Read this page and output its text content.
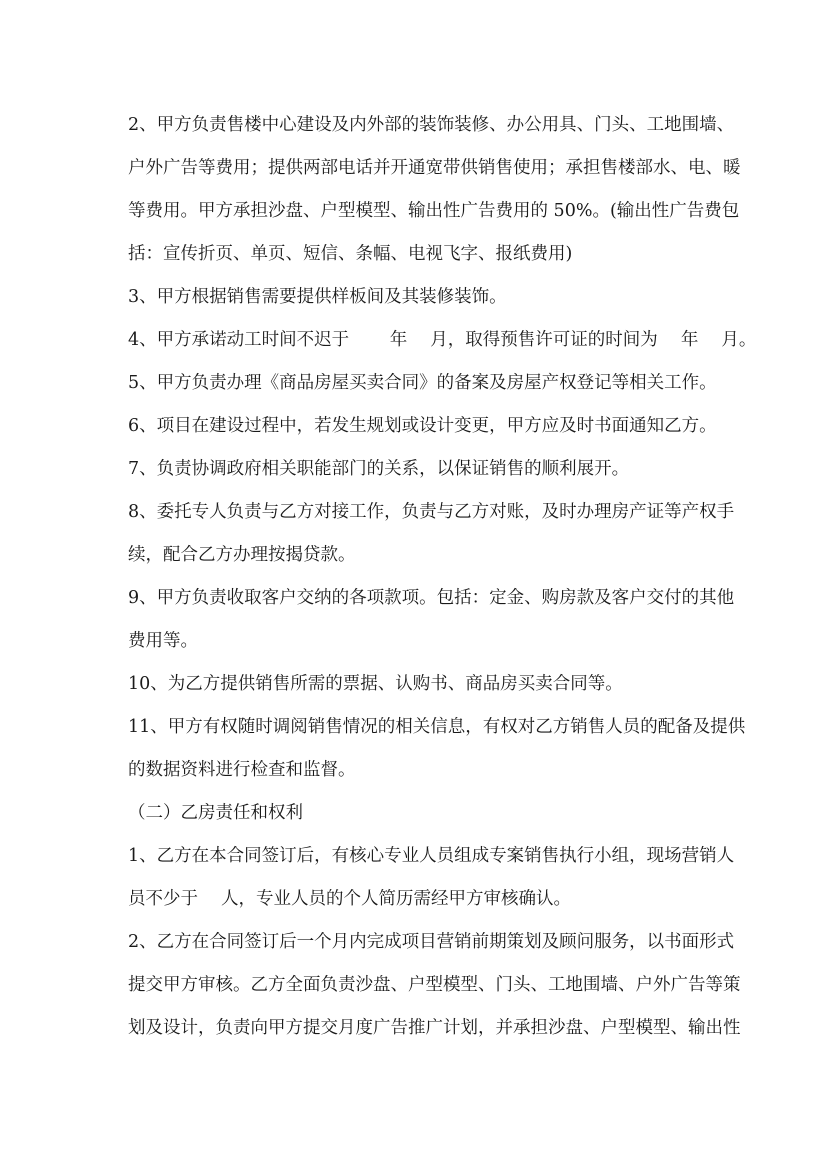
2、甲方负责售楼中心建设及内外部的装饰装修、办公用具、门头、工地围墙、
户外广告等费用；提供两部电话并开通宽带供销售使用；承担售楼部水、电、暖
等费用。甲方承担沙盘、户型模型、输出性广告费用的 50%。(输出性广告费包
括：宣传折页、单页、短信、条幅、电视飞字、报纸费用)
3、甲方根据销售需要提供样板间及其装修装饰。
4、甲方承诺动工时间不迟于　　 年　 月，取得预售许可证的时间为　 年　 月。
5、甲方负责办理《商品房屋买卖合同》的备案及房屋产权登记等相关工作。
6、项目在建设过程中，若发生规划或设计变更，甲方应及时书面通知乙方。
7、负责协调政府相关职能部门的关系，以保证销售的顺利展开。
8、委托专人负责与乙方对接工作，负责与乙方对账，及时办理房产证等产权手
续，配合乙方办理按揭贷款。
9、甲方负责收取客户交纳的各项款项。包括：定金、购房款及客户交付的其他
费用等。
10、为乙方提供销售所需的票据、认购书、商品房买卖合同等。
11、甲方有权随时调阅销售情况的相关信息，有权对乙方销售人员的配备及提供
的数据资料进行检查和监督。
（二）乙房责任和权利
1、乙方在本合同签订后，有核心专业人员组成专案销售执行小组，现场营销人
员不少于　 人，专业人员的个人简历需经甲方审核确认。
2、乙方在合同签订后一个月内完成项目营销前期策划及顾问服务，以书面形式
提交甲方审核。乙方全面负责沙盘、户型模型、门头、工地围墙、户外广告等策
划及设计，负责向甲方提交月度广告推广计划，并承担沙盘、户型模型、输出性
